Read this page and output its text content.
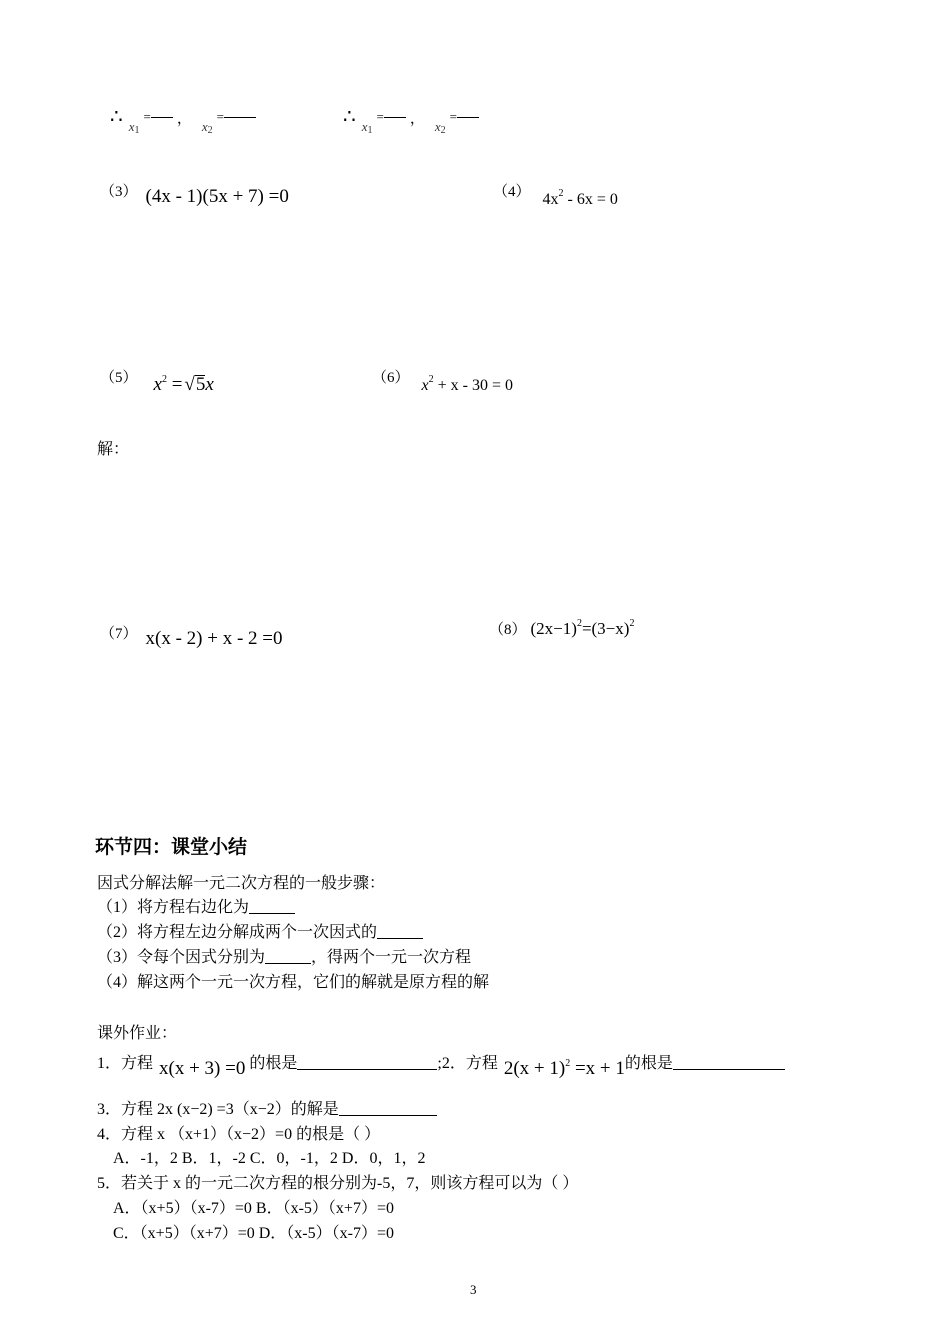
∴ $_{x1}$ = ， $_{x2}$ =	∴ $_{x1}$ = ， $_{x2}$ =
（3） (4x - 1)(5x + 7) =0	（4） $4x^2 - 6x = 0$
（5） $x^2 = √5x$	（6） $x^2 + x - 30 = 0$
解：
（7） x(x - 2) + x - 2 =0	（8） $(2x-1)^2=(3-x)^2$
环节四：课堂小结
因式分解法解一元二次方程的一般步骤：
（1）将方程右边化为
（2）将方程左边分解成两个一次因式的
（3）令每个因式分别为	，得两个一元一次方程
（4）解这两个一元一次方程，它们的解就是原方程的解
课外作业：
1．方程 x(x + 3) =0 的根是	;2．方程 $2(x + 1)^2 =x + 1$的根是
3．方程 2x (x−2) =3（x−2）的解是
4．方程 x （x+1）（x−2）=0 的根是（ ）
A．-1，2 B．1，-2 C．0，-1，2 D．0，1，2
5．若关于 x 的一元二次方程的根分别为-5，7，则该方程可以为（ ）
A．（x+5）（x-7）=0 B．（x-5）（x+7）=0
C．（x+5）（x+7）=0 D．（x-5）（x-7）=0
3
